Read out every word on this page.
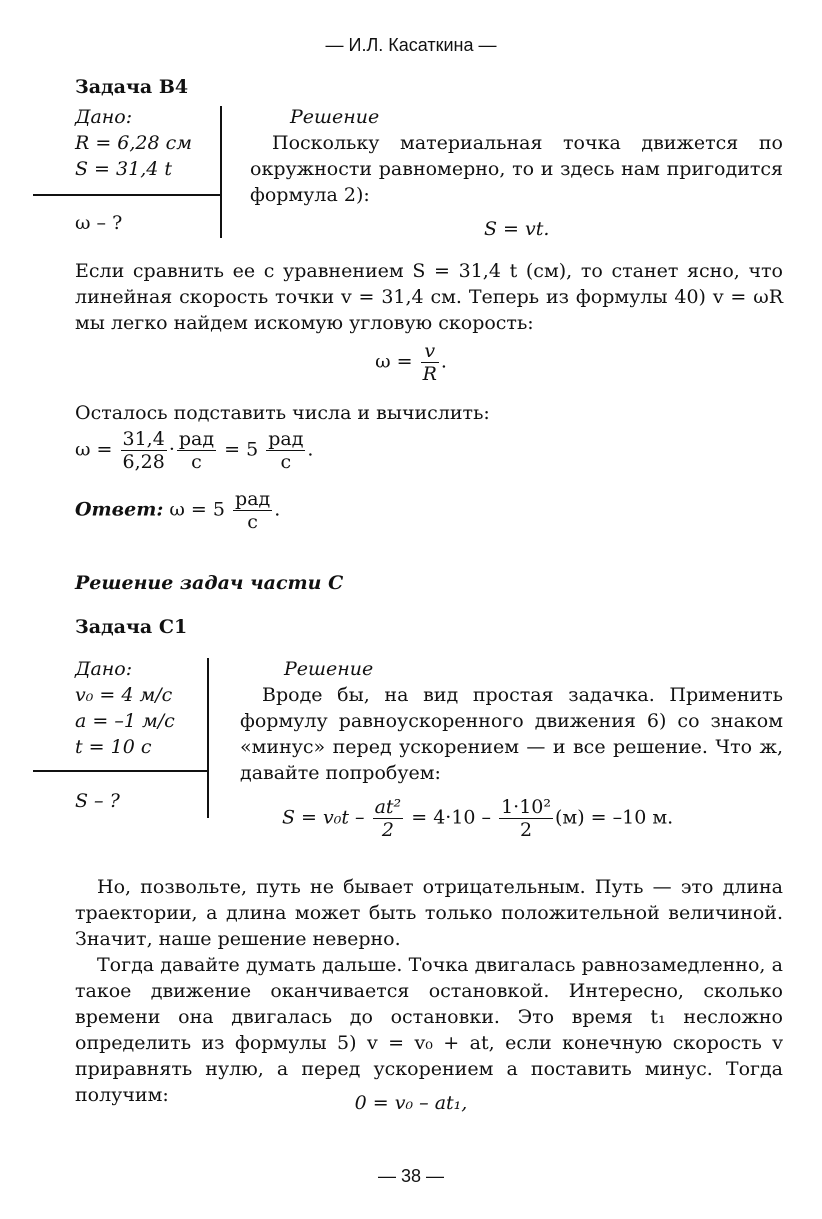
— И.Л. Касаткина —
Задача В4
Дано:
R = 6,28 см
S = 31,4 t
ω – ?
Решение
Поскольку материальная точка движется по окружности равномерно, то и здесь нам пригодится формула 2):
S = vt.
Если сравнить ее с уравнением S = 31,4 t (см), то станет ясно, что линейная скорость точки v = 31,4 см. Теперь из формулы 40) v = ωR мы легко найдем искомую угловую скорость:
$\omega = \frac{v}{R}$ .
Осталось подставить числа и вычислить:
$\omega = \frac{31,4}{6,28} \cdot \frac{\text{рад}}{с} = 5 \frac{\text{рад}}{с}$ .
Ответ: $\omega = 5 \frac{\text{рад}}{с}$ .
Решение задач части С
Задача С1
Дано:
v₀ = 4 м/с
a = –1 м/с
t = 10 с
S – ?
Решение
Вроде бы, на вид простая задачка. Применить формулу равноускоренного движения 6) со знаком «минус» перед ускорением — и все решение. Что ж, давайте попробуем:
$S = v_0t - \frac{\text{at²}}{2} = 4\cdot 10 - \frac{\text{1·10²}}{2} (м) = -10$ м.
Но, позвольте, путь не бывает отрицательным. Путь — это длина траектории, а длина может быть только положительной величиной. Значит, наше решение неверно.
Тогда давайте думать дальше. Точка двигалась равнозамедленно, а такое движение оканчивается остановкой. Интересно, сколько времени она двигалась до остановки. Это время t₁ несложно определить из формулы 5) v = v₀ + at, если конечную скорость v приравнять нулю, а перед ускорением a поставить минус. Тогда получим:	0 = v₀ – at₁,
— 38 —
